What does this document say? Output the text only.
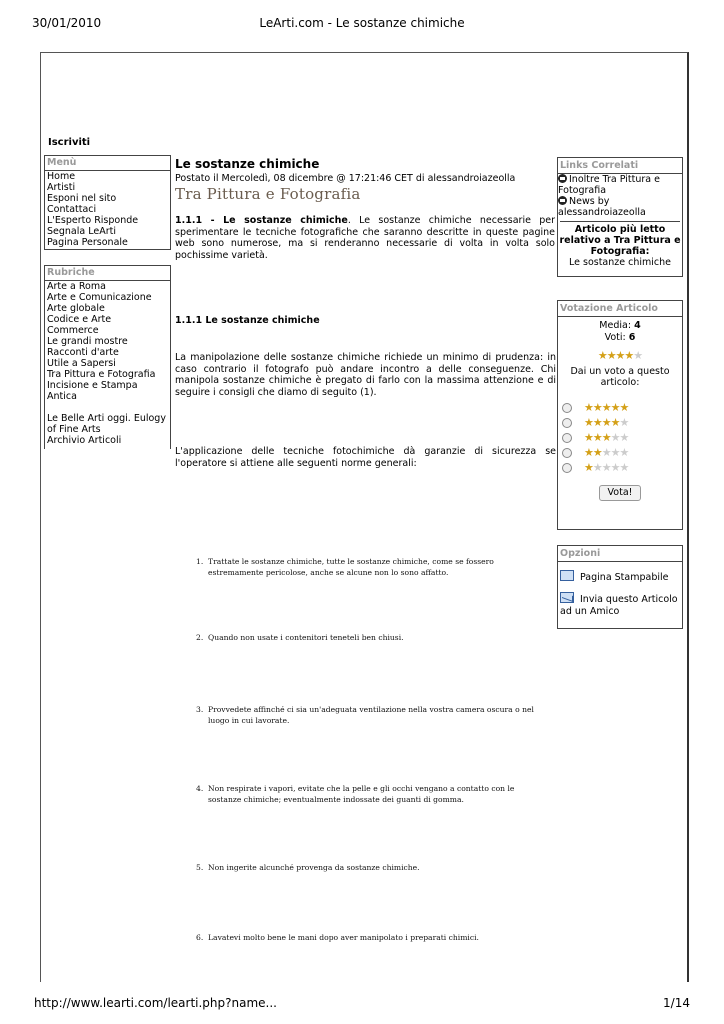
30/01/2010	LeArti.com - Le sostanze chimiche
Iscriviti
Menù
Home
Artisti
Esponi nel sito
Contattaci
L'Esperto Risponde
Segnala LeArti
Pagina Personale
Rubriche
Arte a Roma
Arte e Comunicazione
Arte globale
Codice e Arte
Commerce
Le grandi mostre
Racconti d'arte
Utile a Sapersi
Tra Pittura e Fotografia
Incisione e Stampa
Antica
Le Belle Arti oggi. Eulogy
of Fine Arts
Archivio Articoli
Le sostanze chimiche
Postato il Mercoledì, 08 dicembre @ 17:21:46 CET di alessandroiazeolla
Tra Pittura e Fotografia
1.1.1 - Le sostanze chimiche. Le sostanze chimiche necessarie per sperimentare le tecniche fotografiche che saranno descritte in queste pagine web sono numerose, ma si renderanno necessarie di volta in volta solo pochissime varietà.
1.1.1 Le sostanze chimiche
La manipolazione delle sostanze chimiche richiede un minimo di prudenza: in caso contrario il fotografo può andare incontro a delle conseguenze. Chi manipola sostanze chimiche è pregato di farlo con la massima attenzione e di seguire i consigli che diamo di seguito (1).
L'applicazione delle tecniche fotochimiche dà garanzie di sicurezza se l'operatore si attiene alle seguenti norme generali:
1. Trattate le sostanze chimiche, tutte le sostanze chimiche, come se fossero estremamente pericolose, anche se alcune non lo sono affatto.
2. Quando non usate i contenitori teneteli ben chiusi.
3. Provvedete affinché ci sia un'adeguata ventilazione nella vostra camera oscura o nel luogo in cui lavorate.
4. Non respirate i vapori, evitate che la pelle e gli occhi vengano a contatto con le sostanze chimiche; eventualmente indossate dei guanti di gomma.
5. Non ingerite alcunché provenga da sostanze chimiche.
6. Lavatevi molto bene le mani dopo aver manipolato i preparati chimici.
Links Correlati
Inoltre Tra Pittura e Fotografia
News by alessandroiazeolla
Articolo più letto relativo a Tra Pittura e Fotografia:
Le sostanze chimiche
Votazione Articolo
Media: 4
Voti: 6
★★★★★
Dai un voto a questo articolo:
★★★★★
★★★★★
★★★★★
★★★★★
★★★★★
Vota!
Opzioni
Pagina Stampabile
Invia questo Articolo ad un Amico
http://www.learti.com/learti.php?name...	1/14
